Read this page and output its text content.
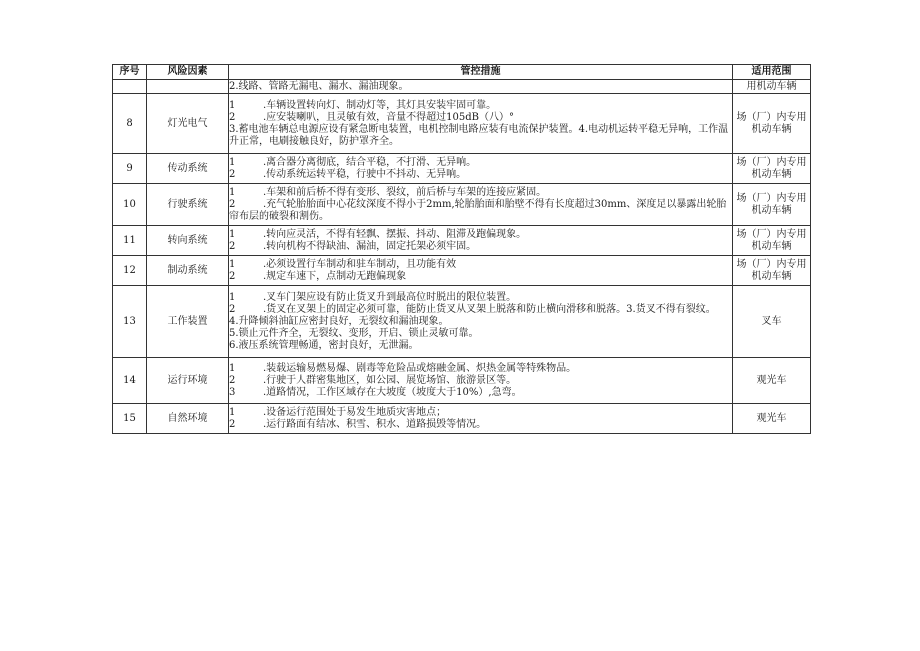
序号	风险因素	管控措施	适用范围

		2.线路、管路无漏电、漏水、漏油现象。	用机动车辆
8	灯光电气	1 .车辆设置转向灯、制动灯等，其灯具安装牢固可靠。
2 .应安装喇叭，且灵敏有效，音量不得超过105dB（八）°
3.蓄电池车辆总电源应设有紧急断电装置，电机控制电路应装有电流保护装置。4.电动机运转平稳无异响，工作温升正常，电刷接触良好，防护罩齐全。	场（厂）内专用机动车辆
9	传动系统	1 .离合器分离彻底，结合平稳，不打滑、无异响。
2 .传动系统运转平稳，行驶中不抖动、无异响。	场（厂）内专用机动车辆
10	行驶系统	1 .车架和前后桥不得有变形、裂纹，前后桥与车架的连接应紧固。
2 .充气轮胎胎面中心花纹深度不得小于2mm,轮胎胎面和胎壁不得有长度超过30mm、深度足以暴露出轮胎帘布层的破裂和割伤。	场（厂）内专用机动车辆
11	转向系统	1 .转向应灵活，不得有轻飘、摆振、抖动、阻滞及跑偏现象。
2 .转向机构不得缺油、漏油，固定托架必须牢固。	场（厂）内专用机动车辆
12	制动系统	1 .必须设置行车制动和驻车制动，且功能有效
2 .规定车速下，点制动无跑偏现象	场（厂）内专用机动车辆
13	工作装置	1 .叉车门架应设有防止货叉升到最高位时脱出的限位装置。
2 .货叉在叉架上的固定必须可靠，能防止货叉从叉架上脱落和防止横向滑移和脱落。3.货叉不得有裂纹。
4.升降倾斜油缸应密封良好，无裂纹和漏油现象。
5.锁止元件齐全，无裂纹、变形，开启、锁止灵敏可靠。
6.液压系统管理畅通，密封良好，无泄漏。	叉车
14	运行环境	1 .装载运输易燃易爆、剧毒等危险品或熔融金属、炽热金属等特殊物品。
2 .行驶于人群密集地区，如公园、展览场馆、旅游景区等。
3 .道路情况，工作区域存在大坡度（坡度大于10%）,急弯。	观光车
15	自然环境	1 .设备运行范围处于易发生地质灾害地点；
2 .运行路面有结冰、积雪、积水、道路损毁等情况。	观光车
